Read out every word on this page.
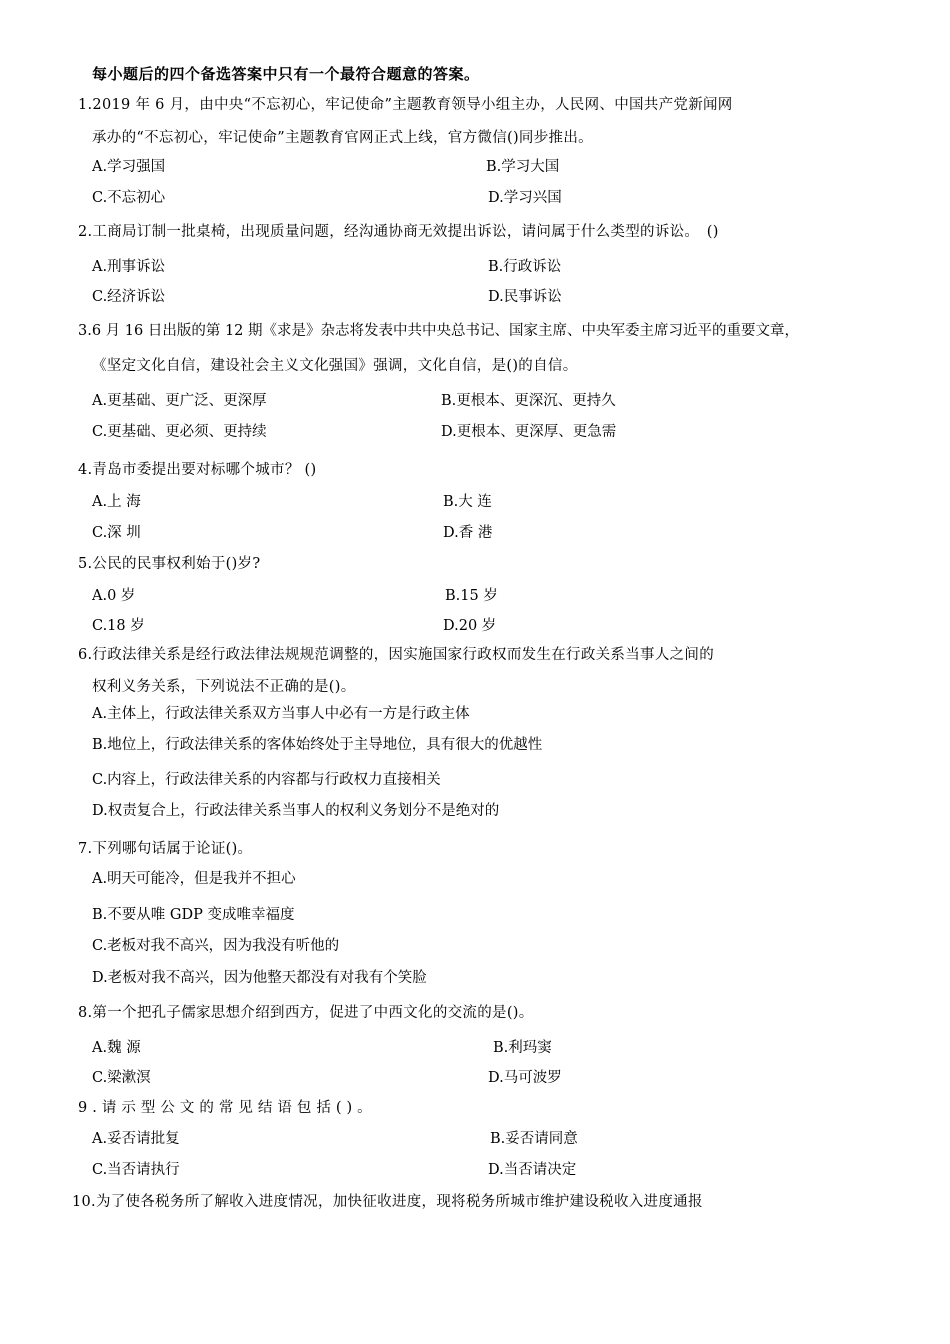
每小题后的四个备选答案中只有一个最符合题意的答案。
1.2019 年 6 月，由中央“不忘初心，牢记使命”主题教育领导小组主办，人民网、中国共产党新闻网
承办的“不忘初心，牢记使命”主题教育官网正式上线，官方微信()同步推出。
A.学习强国	B.学习大国
C.不忘初心	D.学习兴国
2.工商局订制一批桌椅，出现质量问题，经沟通协商无效提出诉讼，请问属于什么类型的诉讼。　()
A.刑事诉讼	B.行政诉讼
C.经济诉讼	D.民事诉讼
3.6 月 16 日出版的第 12 期《求是》杂志将发表中共中央总书记、国家主席、中央军委主席习近平的重要文章，
《坚定文化自信，建设社会主义文化强国》强调，文化自信，是()的自信。
A.更基础、更广泛、更深厚	B.更根本、更深沉、更持久
C.更基础、更必须、更持续	D.更根本、更深厚、更急需
4.青岛市委提出要对标哪个城市？ ()
A.上 海	B.大 连
C.深 圳	D.香 港
5.公民的民事权利始于()岁?
A.0 岁	B.15 岁
C.18 岁	D.20 岁
6.行政法律关系是经行政法律法规规范调整的，因实施国家行政权而发生在行政关系当事人之间的
权利义务关系，下列说法不正确的是()。
A.主体上，行政法律关系双方当事人中必有一方是行政主体
B.地位上，行政法律关系的客体始终处于主导地位，具有很大的优越性
C.内容上，行政法律关系的内容都与行政权力直接相关
D.权责复合上，行政法律关系当事人的权利义务划分不是绝对的
7.下列哪句话属于论证()。
A.明天可能冷，但是我并不担心
B.不要从唯 GDP 变成唯幸福度
C.老板对我不高兴，因为我没有听他的
D.老板对我不高兴，因为他整天都没有对我有个笑脸
8.第一个把孔子儒家思想介绍到西方，促进了中西文化的交流的是()。
A.魏 源	B.利玛窦
C.梁漱溟	D.马可波罗
9.请示型公文的常见结语包括()。
A.妥否请批复	B.妥否请同意
C.当否请执行	D.当否请决定
10.为了使各税务所了解收入进度情况，加快征收进度，现将税务所城市维护建设税收入进度通报
